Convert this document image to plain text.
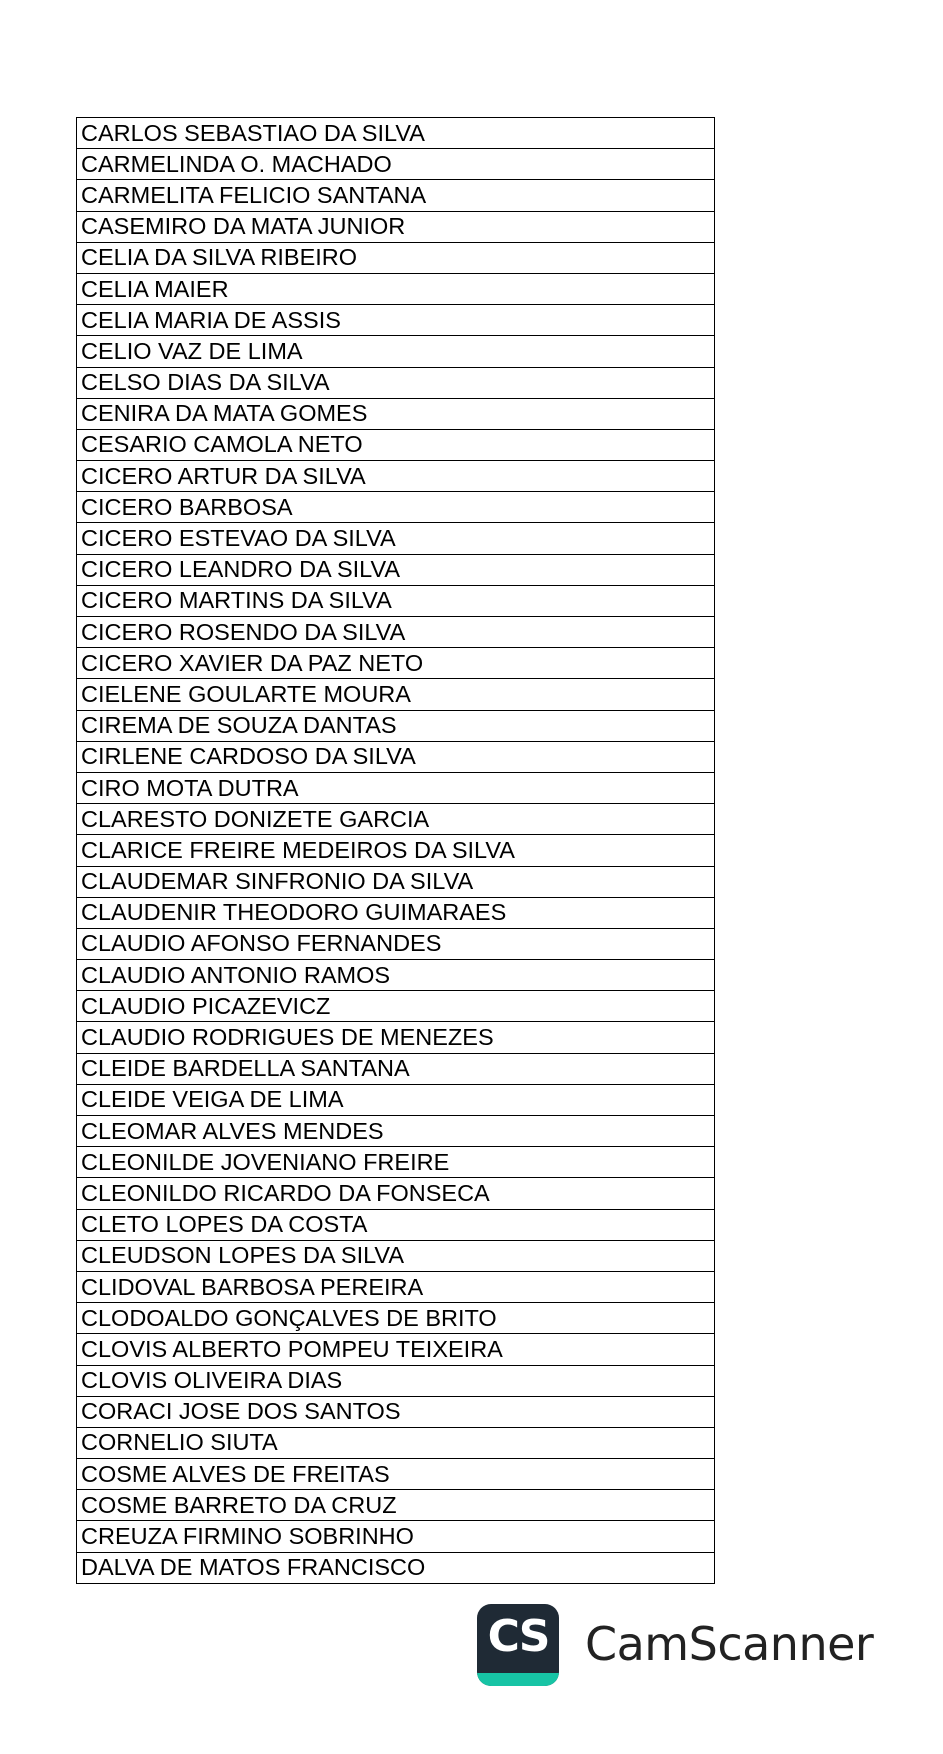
CARLOS SEBASTIAO DA SILVA
CARMELINDA O. MACHADO
CARMELITA FELICIO SANTANA
CASEMIRO DA MATA JUNIOR
CELIA DA SILVA RIBEIRO
CELIA MAIER
CELIA MARIA DE ASSIS
CELIO VAZ DE LIMA
CELSO DIAS DA SILVA
CENIRA DA MATA GOMES
CESARIO CAMOLA NETO
CICERO ARTUR DA SILVA
CICERO BARBOSA
CICERO ESTEVAO DA SILVA
CICERO LEANDRO DA SILVA
CICERO MARTINS DA SILVA
CICERO ROSENDO DA SILVA
CICERO XAVIER DA PAZ NETO
CIELENE GOULARTE MOURA
CIREMA DE SOUZA DANTAS
CIRLENE CARDOSO DA SILVA
CIRO MOTA DUTRA
CLARESTO DONIZETE GARCIA
CLARICE FREIRE MEDEIROS DA SILVA
CLAUDEMAR SINFRONIO DA SILVA
CLAUDENIR THEODORO GUIMARAES
CLAUDIO AFONSO FERNANDES
CLAUDIO ANTONIO RAMOS
CLAUDIO PICAZEVICZ
CLAUDIO RODRIGUES DE MENEZES
CLEIDE BARDELLA SANTANA
CLEIDE VEIGA DE LIMA
CLEOMAR ALVES MENDES
CLEONILDE JOVENIANO FREIRE
CLEONILDO RICARDO DA FONSECA
CLETO LOPES DA COSTA
CLEUDSON LOPES DA SILVA
CLIDOVAL BARBOSA PEREIRA
CLODOALDO GONÇALVES DE BRITO
CLOVIS ALBERTO POMPEU TEIXEIRA
CLOVIS OLIVEIRA DIAS
CORACI JOSE DOS SANTOS
CORNELIO SIUTA
COSME ALVES DE FREITAS
COSME BARRETO DA CRUZ
CREUZA FIRMINO SOBRINHO
DALVA DE MATOS FRANCISCO
CS CamScanner
